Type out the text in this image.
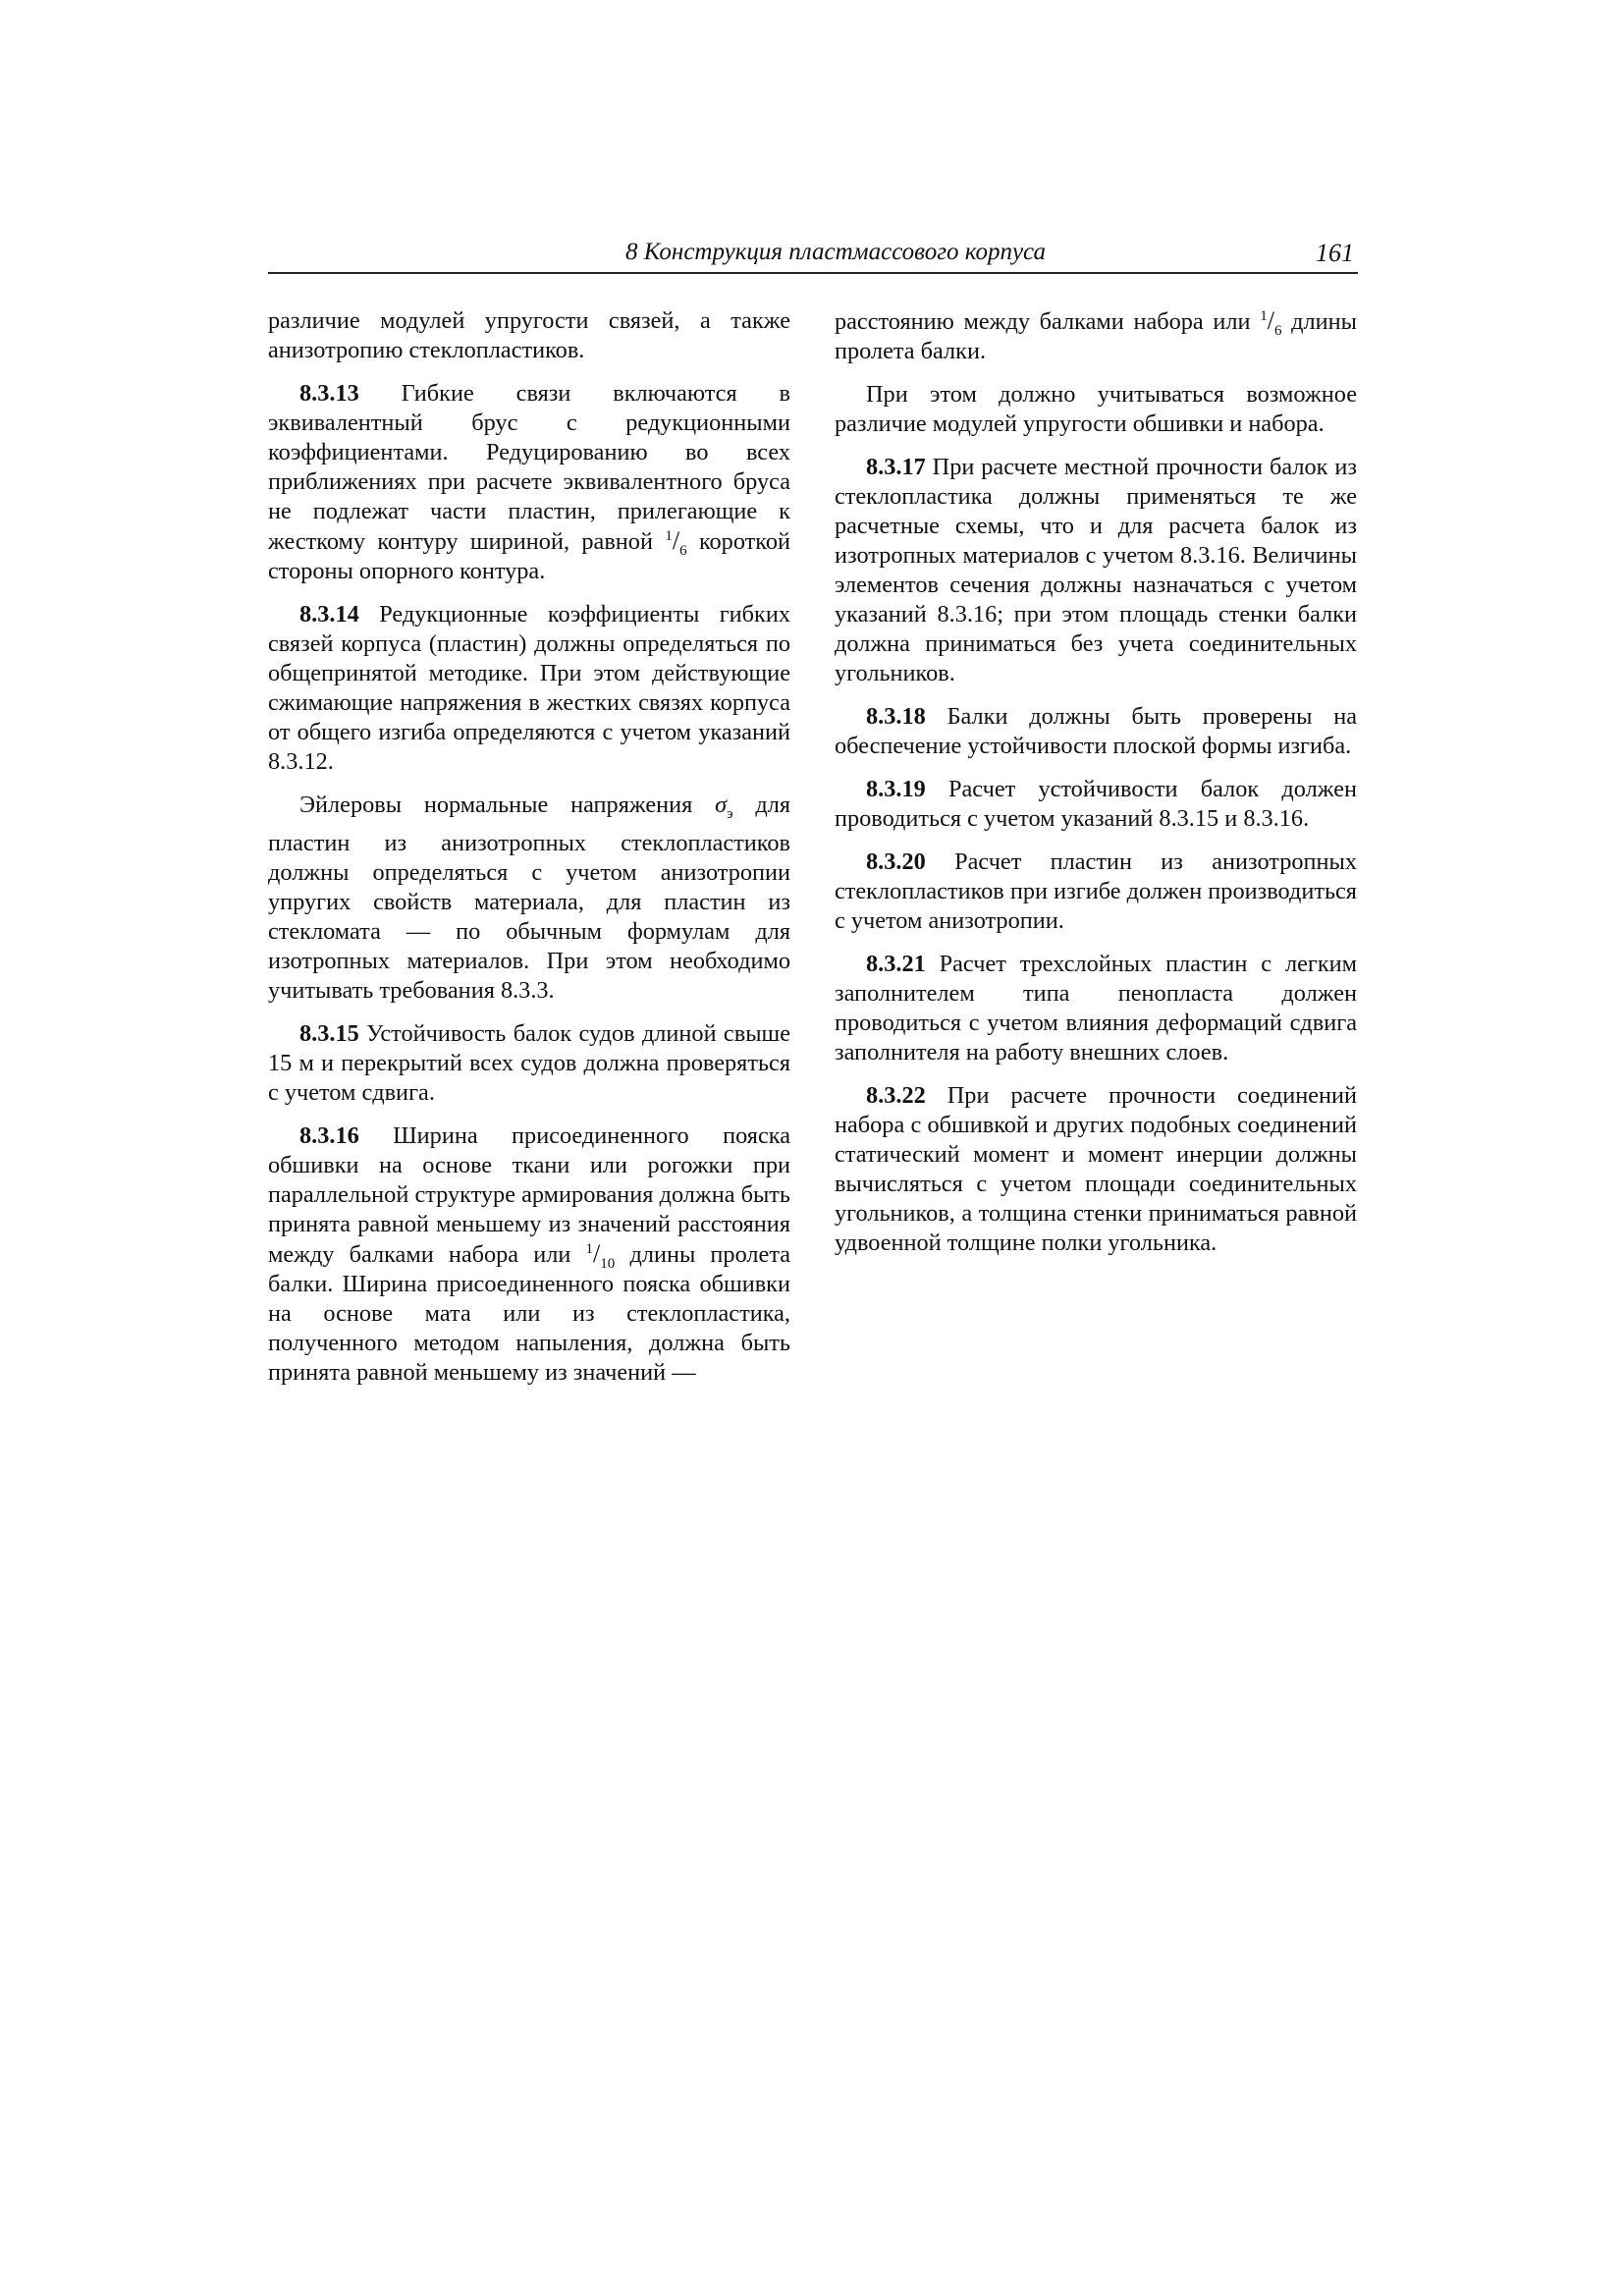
8 Конструкция пластмассового корпуса	161

различие модулей упругости связей, а также анизотропию стеклопластиков.

8.3.13 Гибкие связи включаются в эквивалентный брус с редукционными коэффициентами. Редуцированию во всех приближениях при расчете эквивалентного бруса не подлежат части пластин, прилегающие к жесткому контуру шириной, равной $^1/_6$ короткой стороны опорного контура.

8.3.14 Редукционные коэффициенты гибких связей корпуса (пластин) должны определяться по общепринятой методике. При этом действующие сжимающие напряжения в жестких связях корпуса от общего изгиба определяются с учетом указаний 8.3.12.

Эйлеровы нормальные напряжения $\sigma_э$ для пластин из анизотропных стеклопластиков должны определяться с учетом анизотропии упругих свойств материала, для пластин из стекломата — по обычным формулам для изотропных материалов. При этом необходимо учитывать требования 8.3.3.

8.3.15 Устойчивость балок судов длиной свыше 15 м и перекрытий всех судов должна проверяться с учетом сдвига.

8.3.16 Ширина присоединенного пояска обшивки на основе ткани или рогожки при параллельной структуре армирования должна быть принята равной меньшему из значений расстояния между балками набора или $^1/_{10}$ длины пролета балки. Ширина присоединенного пояска обшивки на основе мата или из стеклопластика, полученного методом напыления, должна быть принята равной меньшему из значений —

расстоянию между балками набора или $^1/_6$ длины пролета балки.

При этом должно учитываться возможное различие модулей упругости обшивки и набора.

8.3.17 При расчете местной прочности балок из стеклопластика должны применяться те же расчетные схемы, что и для расчета балок из изотропных материалов с учетом 8.3.16. Величины элементов сечения должны назначаться с учетом указаний 8.3.16; при этом площадь стенки балки должна приниматься без учета соединительных угольников.

8.3.18 Балки должны быть проверены на обеспечение устойчивости плоской формы изгиба.

8.3.19 Расчет устойчивости балок должен проводиться с учетом указаний 8.3.15 и 8.3.16.

8.3.20 Расчет пластин из анизотропных стеклопластиков при изгибе должен производиться с учетом анизотропии.

8.3.21 Расчет трехслойных пластин с легким заполнителем типа пенопласта должен проводиться с учетом влияния деформаций сдвига заполнителя на работу внешних слоев.

8.3.22 При расчете прочности соединений набора с обшивкой и других подобных соединений статический момент и момент инерции должны вычисляться с учетом площади соединительных угольников, а толщина стенки приниматься равной удвоенной толщине полки угольника.
